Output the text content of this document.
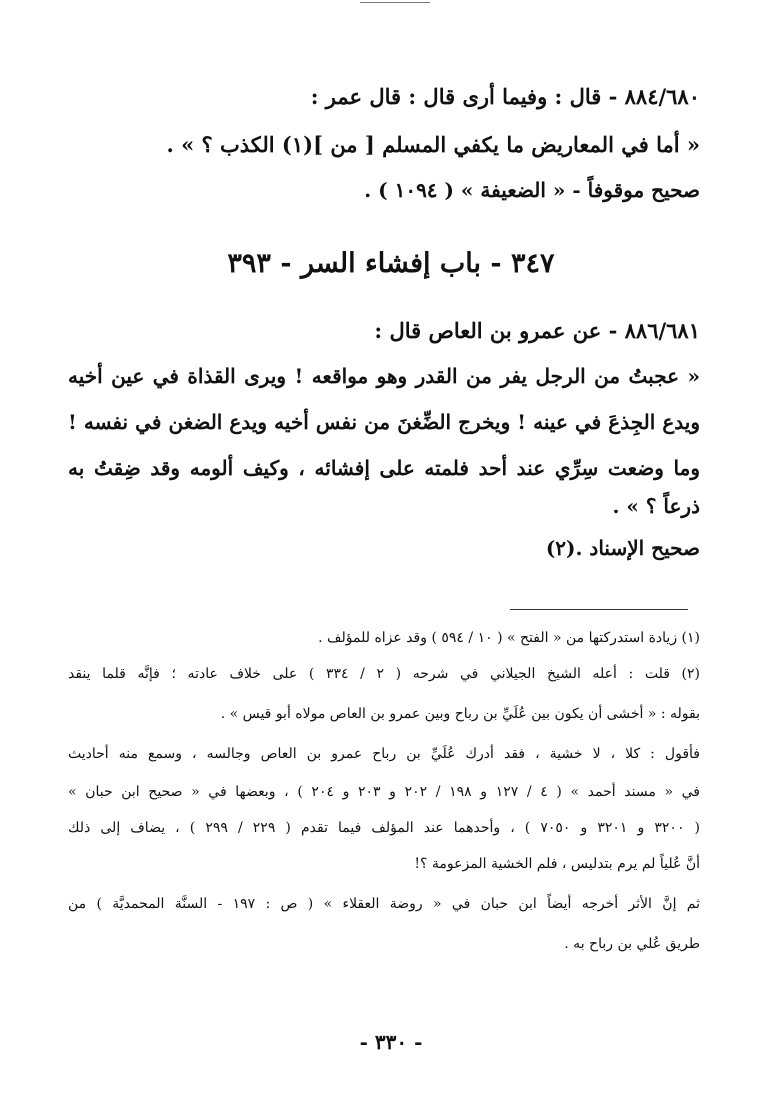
٨٨٤/٦٨٠ - قال : وفيما أرى قال : قال عمر :
« أما في المعاريض ما يكفي المسلم [ من ](١) الكذب ؟ » .
صحيح موقوفاً - « الضعيفة » ( ١٠٩٤ ) .
٣٤٧ - باب إفشاء السر - ٣٩٣
٨٨٦/٦٨١ - عن عمرو بن العاص قال :
« عجبتُ من الرجل يفر من القدر وهو مواقعه ! ويرى القذاة في عين أخيه
ويدع الجِذعَ في عينه ! ويخرج الضِّغنَ من نفس أخيه ويدع الضغن في نفسه !
وما وضعت سِرِّي عند أحد فلمته على إفشائه ، وكيف ألومه وقد ضِقتُ به
ذرعاً ؟ » .
صحيح الإسناد .(٢)
(١) زيادة استدركتها من « الفتح » ( ١٠ / ٥٩٤ ) وقد عزاه للمؤلف .
(٢) قلت : أعله الشيخ الجيلاني في شرحه ( ٢ / ٣٣٤ ) على خلاف عادته ؛ فإنَّه قلما ينقد
بقوله : « أخشى أن يكون بين عُلَيِّ بن رباح وبين عمرو بن العاص مولاه أبو قيس » .
فأقول : كلا ، لا خشية ، فقد أدرك عُلَيِّ بن رباح عمرو بن العاص وجالسه ، وسمع منه أحاديث
في « مسند أحمد » ( ٤ / ١٢٧ و ١٩٨ / ٢٠٢ و ٢٠٣ و ٢٠٤ ) ، وبعضها في « صحيح ابن حبان »
( ٣٢٠٠ و ٣٢٠١ و ٧٠٥٠ ) ، وأحدهما عند المؤلف فيما تقدم ( ٢٢٩ / ٢٩٩ ) ، يضاف إلى ذلك
أنَّ عُلياً لم يرم بتدليس ، فلم الخشية المزعومة ؟!
ثم إنَّ الأثر أخرجه أيضاً ابن حبان في « روضة العقلاء » ( ص : ١٩٧ - السنَّة المحمديَّة ) من
طريق عُلي بن رباح به .
- ٣٣٠ -
